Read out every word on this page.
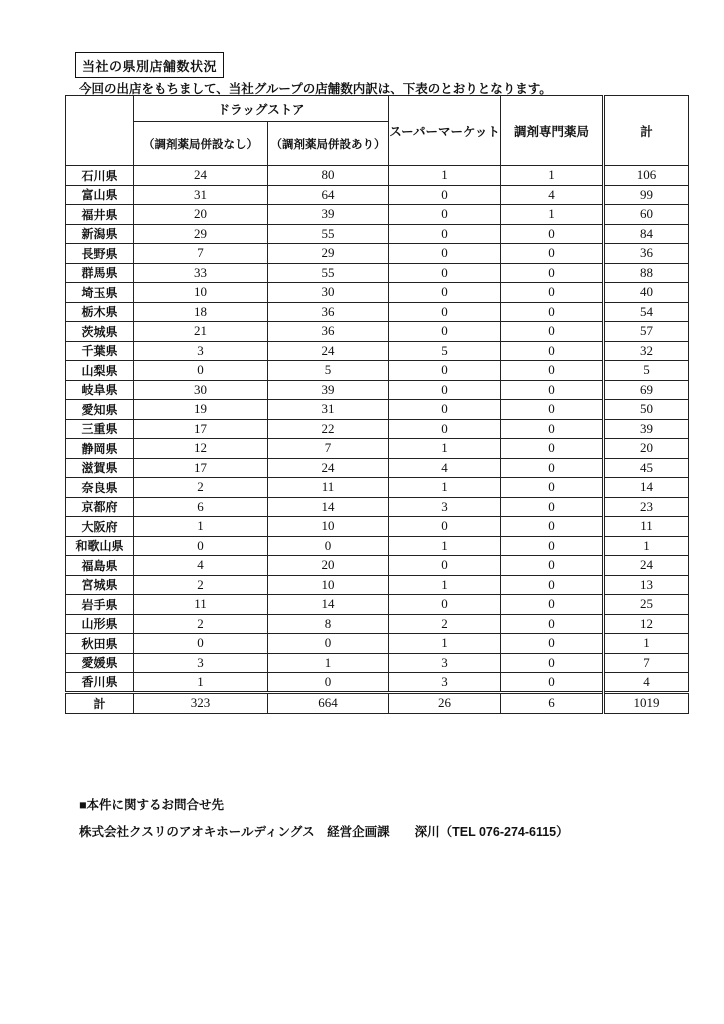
当社の県別店舗数状況
今回の出店をもちまして、当社グループの店舗数内訳は、下表のとおりとなります。
	ドラッグストア		スーパーマーケット	調剤専門薬局	計
	（調剤薬局併設なし）	（調剤薬局併設あり）			
石川県	24	80	1	1	106
富山県	31	64	0	4	99
福井県	20	39	0	1	60
新潟県	29	55	0	0	84
長野県	7	29	0	0	36
群馬県	33	55	0	0	88
埼玉県	10	30	0	0	40
栃木県	18	36	0	0	54
茨城県	21	36	0	0	57
千葉県	3	24	5	0	32
山梨県	0	5	0	0	5
岐阜県	30	39	0	0	69
愛知県	19	31	0	0	50
三重県	17	22	0	0	39
静岡県	12	7	1	0	20
滋賀県	17	24	4	0	45
奈良県	2	11	1	0	14
京都府	6	14	3	0	23
大阪府	1	10	0	0	11
和歌山県	0	0	1	0	1
福島県	4	20	0	0	24
宮城県	2	10	1	0	13
岩手県	11	14	0	0	25
山形県	2	8	2	0	12
秋田県	0	0	1	0	1
愛媛県	3	1	3	0	7
香川県	1	0	3	0	4
計	323	664	26	6	1019
■本件に関するお問合せ先
株式会社クスリのアオキホールディングス　経営企画課　　深川（TEL 076-274-6115）
